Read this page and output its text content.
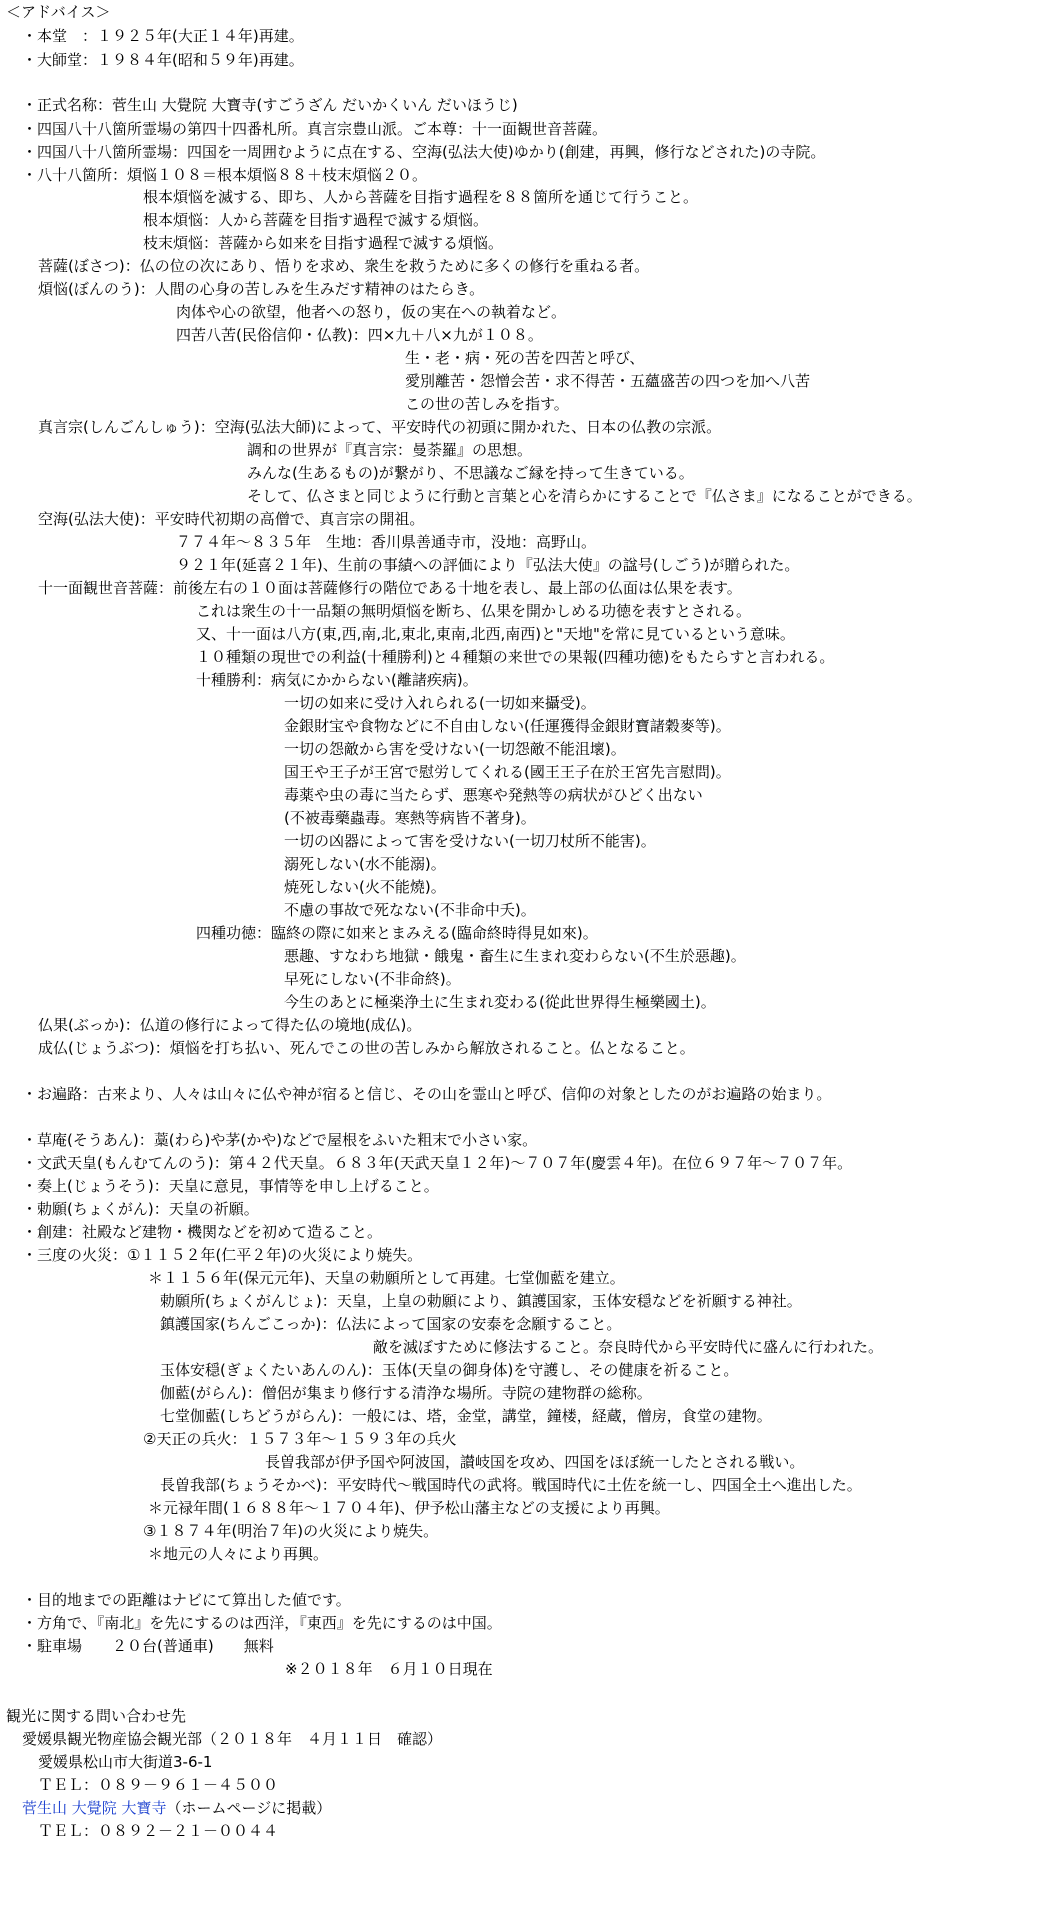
＜アドバイス＞
・本堂　：１９２５年(大正１４年)再建。
・大師堂：１９８４年(昭和５９年)再建。
・正式名称：菅生山 大覺院 大寶寺(すごうざん だいかくいん だいほうじ)
・四国八十八箇所霊場の第四十四番札所。真言宗豊山派。ご本尊：十一面観世音菩薩。
・四国八十八箇所霊場：四国を一周囲むように点在する、空海(弘法大使)ゆかり(創建，再興，修行などされた)の寺院。
・八十八箇所：煩悩１０８＝根本煩悩８８＋枝末煩悩２０。
根本煩悩を滅する、即ち、人から菩薩を目指す過程を８８箇所を通じて行うこと。
根本煩悩：人から菩薩を目指す過程で滅する煩悩。
枝末煩悩：菩薩から如来を目指す過程で滅する煩悩。
菩薩(ぼさつ)：仏の位の次にあり、悟りを求め、衆生を救うために多くの修行を重ねる者。
煩悩(ぼんのう)：人間の心身の苦しみを生みだす精神のはたらき。
肉体や心の欲望，他者への怒り，仮の実在への執着など。
四苦八苦(民俗信仰・仏教)：四×九＋八×九が１０８。
生・老・病・死の苦を四苦と呼び、
愛別離苦・怨憎会苦・求不得苦・五蘊盛苦の四つを加へ八苦
この世の苦しみを指す。
真言宗(しんごんしゅう)：空海(弘法大師)によって、平安時代の初頭に開かれた、日本の仏教の宗派。
調和の世界が『真言宗：曼荼羅』の思想。
みんな(生あるもの)が繋がり、不思議なご縁を持って生きている。
そして、仏さまと同じように行動と言葉と心を清らかにすることで『仏さま』になることができる。
空海(弘法大使)：平安時代初期の高僧で、真言宗の開祖。
７７４年～８３５年　生地：香川県善通寺市，没地：高野山。
９２１年(延喜２１年)、生前の事績への評価により『弘法大使』の諡号(しごう)が贈られた。
十一面観世音菩薩：前後左右の１０面は菩薩修行の階位である十地を表し、最上部の仏面は仏果を表す。
これは衆生の十一品類の無明煩悩を断ち、仏果を開かしめる功徳を表すとされる。
又、十一面は八方(東,西,南,北,東北,東南,北西,南西)と"天地"を常に見ているという意味。
１０種類の現世での利益(十種勝利)と４種類の来世での果報(四種功徳)をもたらすと言われる。
十種勝利：病気にかからない(離諸疾病)。
一切の如来に受け入れられる(一切如来攝受)。
金銀財宝や食物などに不自由しない(任運獲得金銀財寶諸穀麥等)。
一切の怨敵から害を受けない(一切怨敵不能沮壞)。
国王や王子が王宮で慰労してくれる(國王王子在於王宮先言慰問)。
毒薬や虫の毒に当たらず、悪寒や発熱等の病状がひどく出ない
(不被毒藥蟲毒。寒熱等病皆不著身)。
一切の凶器によって害を受けない(一切刀杖所不能害)。
溺死しない(水不能溺)。
焼死しない(火不能燒)。
不慮の事故で死なない(不非命中夭)。
四種功徳：臨終の際に如来とまみえる(臨命終時得見如來)。
悪趣、すなわち地獄・餓鬼・畜生に生まれ変わらない(不生於惡趣)。
早死にしない(不非命終)。
今生のあとに極楽浄土に生まれ変わる(從此世界得生極樂國土)。
仏果(ぶっか)：仏道の修行によって得た仏の境地(成仏)。
成仏(じょうぶつ)：煩悩を打ち払い、死んでこの世の苦しみから解放されること。仏となること。
・お遍路：古来より、人々は山々に仏や神が宿ると信じ、その山を霊山と呼び、信仰の対象としたのがお遍路の始まり。
・草庵(そうあん)：藁(わら)や茅(かや)などで屋根をふいた粗末で小さい家。
・文武天皇(もんむてんのう)：第４２代天皇。６８３年(天武天皇１２年)～７０７年(慶雲４年)。在位６９７年～７０７年。
・奏上(じょうそう)：天皇に意見，事情等を申し上げること。
・勅願(ちょくがん)：天皇の祈願。
・創建：社殿など建物・機関などを初めて造ること。
・三度の火災：①１１５２年(仁平２年)の火災により焼失。
＊１１５６年(保元元年)、天皇の勅願所として再建。七堂伽藍を建立。
勅願所(ちょくがんじょ)：天皇，上皇の勅願により、鎮護国家，玉体安穏などを祈願する神社。
鎮護国家(ちんごこっか)：仏法によって国家の安泰を念願すること。
敵を滅ぼすために修法すること。奈良時代から平安時代に盛んに行われた。
玉体安穏(ぎょくたいあんのん)：玉体(天皇の御身体)を守護し、その健康を祈ること。
伽藍(がらん)：僧侶が集まり修行する清浄な場所。寺院の建物群の総称。
七堂伽藍(しちどうがらん)：一般には、塔，金堂，講堂，鐘楼，経蔵，僧房，食堂の建物。
②天正の兵火：１５７３年～１５９３年の兵火
長曽我部が伊予国や阿波国，讃岐国を攻め、四国をほぼ統一したとされる戦い。
長曽我部(ちょうそかべ)：平安時代～戦国時代の武将。戦国時代に土佐を統一し、四国全土へ進出した。
＊元禄年間(１６８８年～１７０４年)、伊予松山藩主などの支援により再興。
③１８７４年(明治７年)の火災により焼失。
＊地元の人々により再興。
・目的地までの距離はナビにて算出した値です。
・方角で、『南北』を先にするのは西洋，『東西』を先にするのは中国。
・駐車場　　２０台(普通車)　　無料
※２０１８年　６月１０日現在
観光に関する問い合わせ先
愛媛県観光物産協会観光部（２０１８年　４月１１日　確認）
愛媛県松山市大街道3-6-1
ＴＥＬ：０８９－９６１－４５００
菅生山 大覺院 大寶寺（ホームページに掲載）
ＴＥＬ：０８９２－２１－００４４
